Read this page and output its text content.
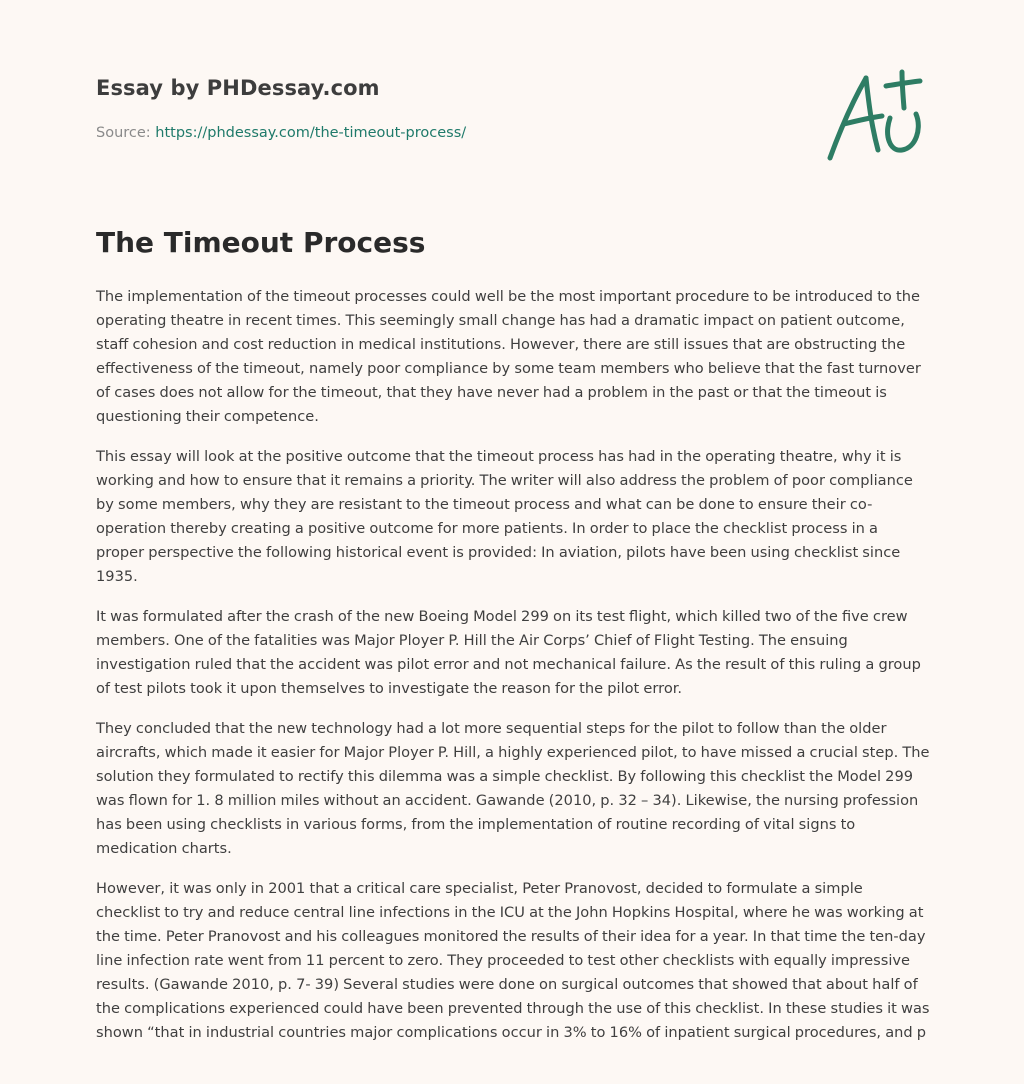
Essay by PHDessay.com
Source: https://phdessay.com/the-timeout-process/
The Timeout Process

The implementation of the timeout processes could well be the most important procedure to be introduced to the operating theatre in recent times. This seemingly small change has had a dramatic impact on patient outcome, staff cohesion and cost reduction in medical institutions. However, there are still issues that are obstructing the effectiveness of the timeout, namely poor compliance by some team members who believe that the fast turnover of cases does not allow for the timeout, that they have never had a problem in the past or that the timeout is questioning their competence.

This essay will look at the positive outcome that the timeout process has had in the operating theatre, why it is working and how to ensure that it remains a priority. The writer will also address the problem of poor compliance by some members, why they are resistant to the timeout process and what can be done to ensure their co-operation thereby creating a positive outcome for more patients. In order to place the checklist process in a proper perspective the following historical event is provided: In aviation, pilots have been using checklist since 1935.

It was formulated after the crash of the new Boeing Model 299 on its test flight, which killed two of the five crew members. One of the fatalities was Major Ployer P. Hill the Air Corps’ Chief of Flight Testing. The ensuing investigation ruled that the accident was pilot error and not mechanical failure. As the result of this ruling a group of test pilots took it upon themselves to investigate the reason for the pilot error.

They concluded that the new technology had a lot more sequential steps for the pilot to follow than the older aircrafts, which made it easier for Major Ployer P. Hill, a highly experienced pilot, to have missed a crucial step. The solution they formulated to rectify this dilemma was a simple checklist. By following this checklist the Model 299 was flown for 1. 8 million miles without an accident. Gawande (2010, p. 32 – 34). Likewise, the nursing profession has been using checklists in various forms, from the implementation of routine recording of vital signs to medication charts.

However, it was only in 2001 that a critical care specialist, Peter Pranovost, decided to formulate a simple checklist to try and reduce central line infections in the ICU at the John Hopkins Hospital, where he was working at the time. Peter Pranovost and his colleagues monitored the results of their idea for a year. In that time the ten-day line infection rate went from 11 percent to zero. They proceeded to test other checklists with equally impressive results. (Gawande 2010, p. 7- 39) Several studies were done on surgical outcomes that showed that about half of the complications experienced could have been prevented through the use of this checklist. In these studies it was shown “that in industrial countries major complications occur in 3% to 16% of inpatient surgical procedures, and p
